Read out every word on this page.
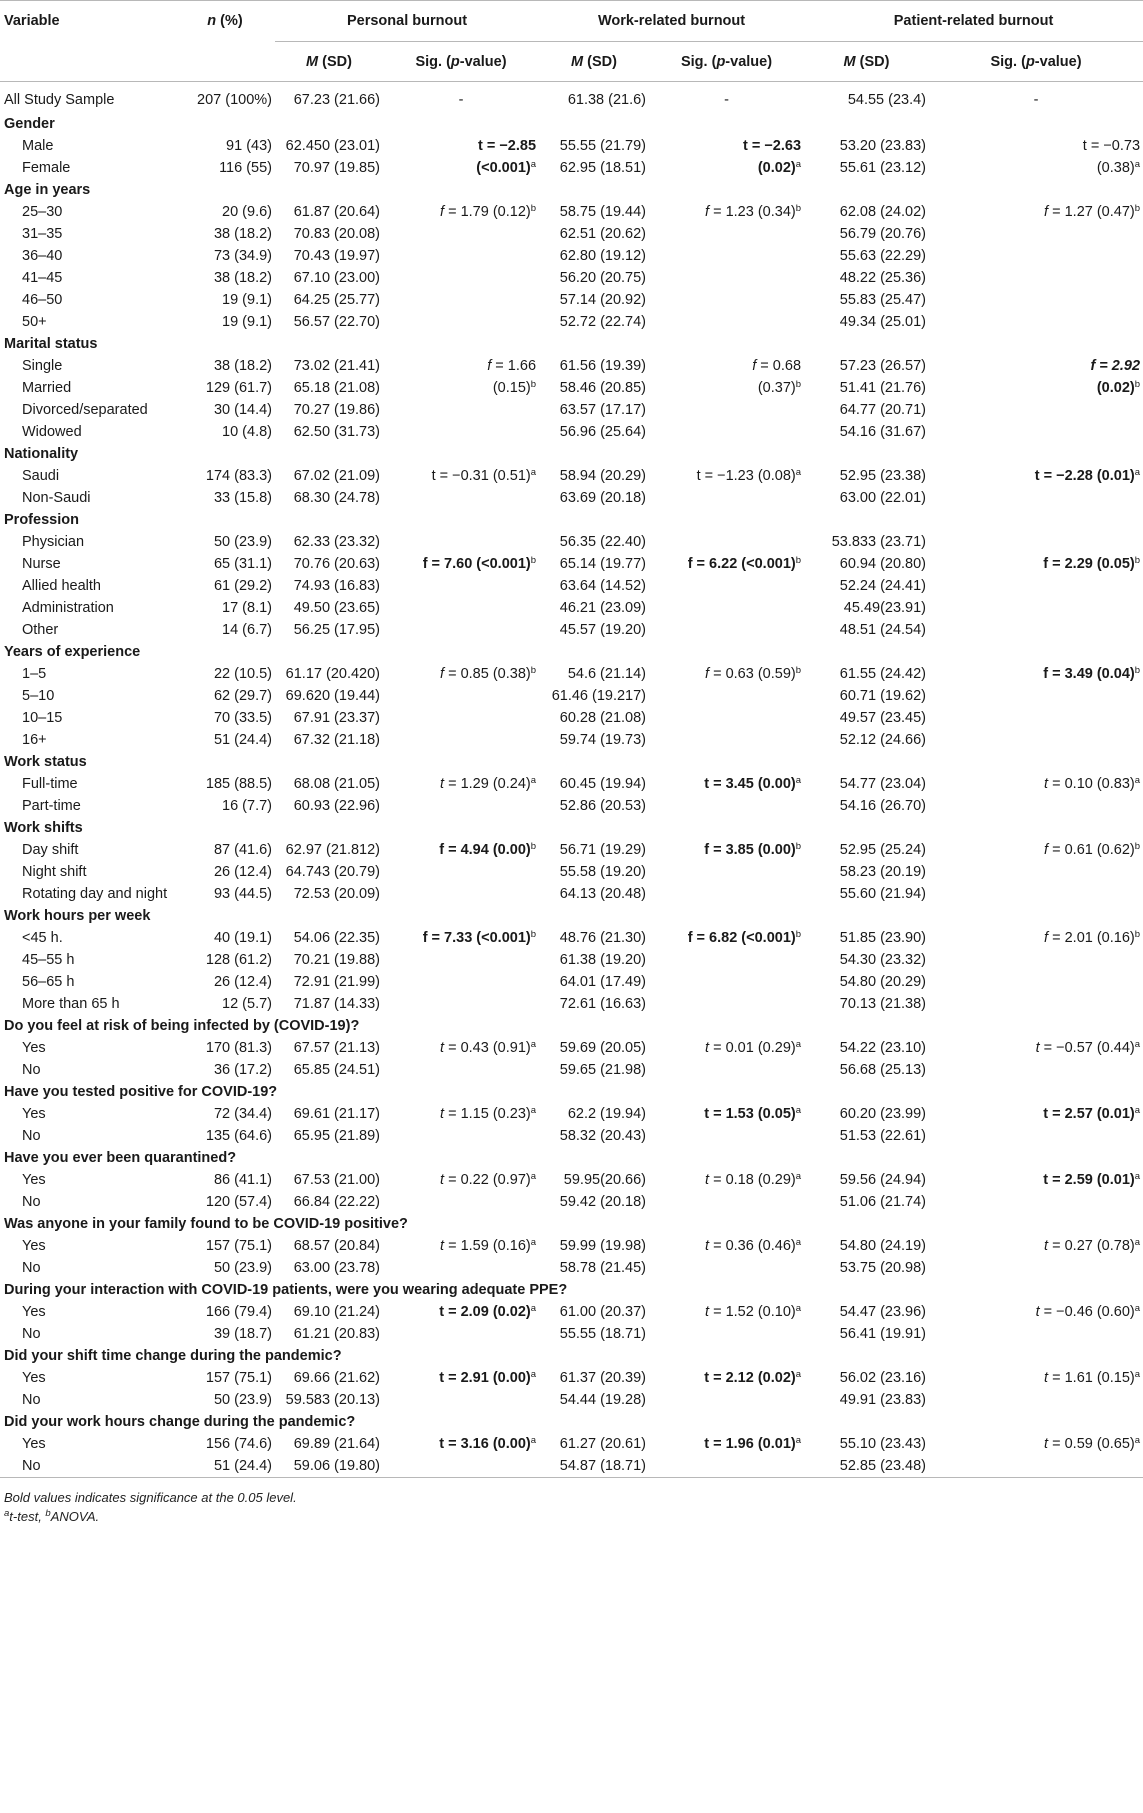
Variable	n (%)	Personal burnout		Work-related burnout		Patient-related burnout	
		M (SD)	Sig. (p-value)	M (SD)	Sig. (p-value)	M (SD)	Sig. (p-value)
All Study Sample	207 (100%)	67.23 (21.66)	-	61.38 (21.6)	-	54.55 (23.4)	-
Gender							
Male	91 (43)	62.450 (23.01)	t = −2.85	55.55 (21.79)	t = −2.63	53.20 (23.83)	t = −0.73
Female	116 (55)	70.97 (19.85)	(<0.001)$^a$	62.95 (18.51)	$(0.02)^a$	55.61 (23.12)	$(0.38)^a$
Age in years							
25–30	20 (9.6)	61.87 (20.64)	f = 1.79 $(0.12)^b$	58.75 (19.44)	f = 1.23 $(0.34)^b$	62.08 (24.02)	f = 1.27 $(0.47)^b$
31–35	38 (18.2)	70.83 (20.08)		62.51 (20.62)		56.79 (20.76)	
36–40	73 (34.9)	70.43 (19.97)		62.80 (19.12)		55.63 (22.29)	
41–45	38 (18.2)	67.10 (23.00)		56.20 (20.75)		48.22 (25.36)	
46–50	19 (9.1)	64.25 (25.77)		57.14 (20.92)		55.83 (25.47)	
50+	19 (9.1)	56.57 (22.70)		52.72 (22.74)		49.34 (25.01)	
Marital status							
Single	38 (18.2)	73.02 (21.41)	f = 1.66	61.56 (19.39)	f = 0.68	57.23 (26.57)	f = 2.92
Married	129 (61.7)	65.18 (21.08)	$(0.15)^b$	58.46 (20.85)	$(0.37)^b$	51.41 (21.76)	$(0.02)^b$
Divorced/separated	30 (14.4)	70.27 (19.86)		63.57 (17.17)		64.77 (20.71)	
Widowed	10 (4.8)	62.50 (31.73)		56.96 (25.64)		54.16 (31.67)	
Nationality							
Saudi	174 (83.3)	67.02 (21.09)	t = −0.31 $(0.51)^a$	58.94 (20.29)	t = −1.23 $(0.08)^a$	52.95 (23.38)	t = −2.28 $(0.01)^a$
Non-Saudi	33 (15.8)	68.30 (24.78)		63.69 (20.18)		63.00 (22.01)	
Profession							
Physician	50 (23.9)	62.33 (23.32)		56.35 (22.40)		53.833 (23.71)	
Nurse	65 (31.1)	70.76 (20.63)	f = 7.60 (<0.001)$^b$	65.14 (19.77)	f = 6.22 (<0.001)$^b$	60.94 (20.80)	f = 2.29 $(0.05)^b$
Allied health	61 (29.2)	74.93 (16.83)		63.64 (14.52)		52.24 (24.41)	
Administration	17 (8.1)	49.50 (23.65)		46.21 (23.09)		45.49(23.91)	
Other	14 (6.7)	56.25 (17.95)		45.57 (19.20)		48.51 (24.54)	
Years of experience							
1–5	22 (10.5)	61.17 (20.420)	f = 0.85 $(0.38)^b$	54.6 (21.14)	f = 0.63 $(0.59)^b$	61.55 (24.42)	f = 3.49 $(0.04)^b$
5–10	62 (29.7)	69.620 (19.44)		61.46 (19.217)		60.71 (19.62)	
10–15	70 (33.5)	67.91 (23.37)		60.28 (21.08)		49.57 (23.45)	
16+	51 (24.4)	67.32 (21.18)		59.74 (19.73)		52.12 (24.66)	
Work status							
Full-time	185 (88.5)	68.08 (21.05)	t = 1.29 $(0.24)^a$	60.45 (19.94)	t = 3.45 $(0.00)^a$	54.77 (23.04)	t = 0.10 $(0.83)^a$
Part-time	16 (7.7)	60.93 (22.96)		52.86 (20.53)		54.16 (26.70)	
Work shifts							
Day shift	87 (41.6)	62.97 (21.812)	f = 4.94 $(0.00)^b$	56.71 (19.29)	f = 3.85 $(0.00)^b$	52.95 (25.24)	f = 0.61 $(0.62)^b$
Night shift	26 (12.4)	64.743 (20.79)		55.58 (19.20)		58.23 (20.19)	
Rotating day and night	93 (44.5)	72.53 (20.09)		64.13 (20.48)		55.60 (21.94)	
Work hours per week							
<45 h.	40 (19.1)	54.06 (22.35)	f = 7.33 (<0.001)$^b$	48.76 (21.30)	f = 6.82 (<0.001)$^b$	51.85 (23.90)	f = 2.01 $(0.16)^b$
45–55 h	128 (61.2)	70.21 (19.88)		61.38 (19.20)		54.30 (23.32)	
56–65 h	26 (12.4)	72.91 (21.99)		64.01 (17.49)		54.80 (20.29)	
More than 65 h	12 (5.7)	71.87 (14.33)		72.61 (16.63)		70.13 (21.38)	
Do you feel at risk of being infected by (COVID-19)?							
Yes	170 (81.3)	67.57 (21.13)	t = 0.43 $(0.91)^a$	59.69 (20.05)	t = 0.01 $(0.29)^a$	54.22 (23.10)	t = −0.57 $(0.44)^a$
No	36 (17.2)	65.85 (24.51)		59.65 (21.98)		56.68 (25.13)	
Have you tested positive for COVID-19?							
Yes	72 (34.4)	69.61 (21.17)	t = 1.15 $(0.23)^a$	62.2 (19.94)	t = 1.53 $(0.05)^a$	60.20 (23.99)	t = 2.57 $(0.01)^a$
No	135 (64.6)	65.95 (21.89)		58.32 (20.43)		51.53 (22.61)	
Have you ever been quarantined?							
Yes	86 (41.1)	67.53 (21.00)	t = 0.22 $(0.97)^a$	59.95(20.66)	t = 0.18 $(0.29)^a$	59.56 (24.94)	t = 2.59 $(0.01)^a$
No	120 (57.4)	66.84 (22.22)		59.42 (20.18)		51.06 (21.74)	
Was anyone in your family found to be COVID-19 positive?							
Yes	157 (75.1)	68.57 (20.84)	t = 1.59 $(0.16)^a$	59.99 (19.98)	t = 0.36 $(0.46)^a$	54.80 (24.19)	t = 0.27 $(0.78)^a$
No	50 (23.9)	63.00 (23.78)		58.78 (21.45)		53.75 (20.98)	
During your interaction with COVID-19 patients, were you wearing adequate PPE?							
Yes	166 (79.4)	69.10 (21.24)	t = 2.09 $(0.02)^a$	61.00 (20.37)	t = 1.52 $(0.10)^a$	54.47 (23.96)	t = −0.46 $(0.60)^a$
No	39 (18.7)	61.21 (20.83)		55.55 (18.71)		56.41 (19.91)	
Did your shift time change during the pandemic?							
Yes	157 (75.1)	69.66 (21.62)	t = 2.91 $(0.00)^a$	61.37 (20.39)	t = 2.12 $(0.02)^a$	56.02 (23.16)	t = 1.61 $(0.15)^a$
No	50 (23.9)	59.583 (20.13)		54.44 (19.28)		49.91 (23.83)	
Did your work hours change during the pandemic?							
Yes	156 (74.6)	69.89 (21.64)	t = 3.16 $(0.00)^a$	61.27 (20.61)	t = 1.96 $(0.01)^a$	55.10 (23.43)	t = 0.59 $(0.65)^a$
No	51 (24.4)	59.06 (19.80)		54.87 (18.71)		52.85 (23.48)	
Bold values indicates significance at the 0.05 level.
$^a$t-test, $^b$ANOVA.
